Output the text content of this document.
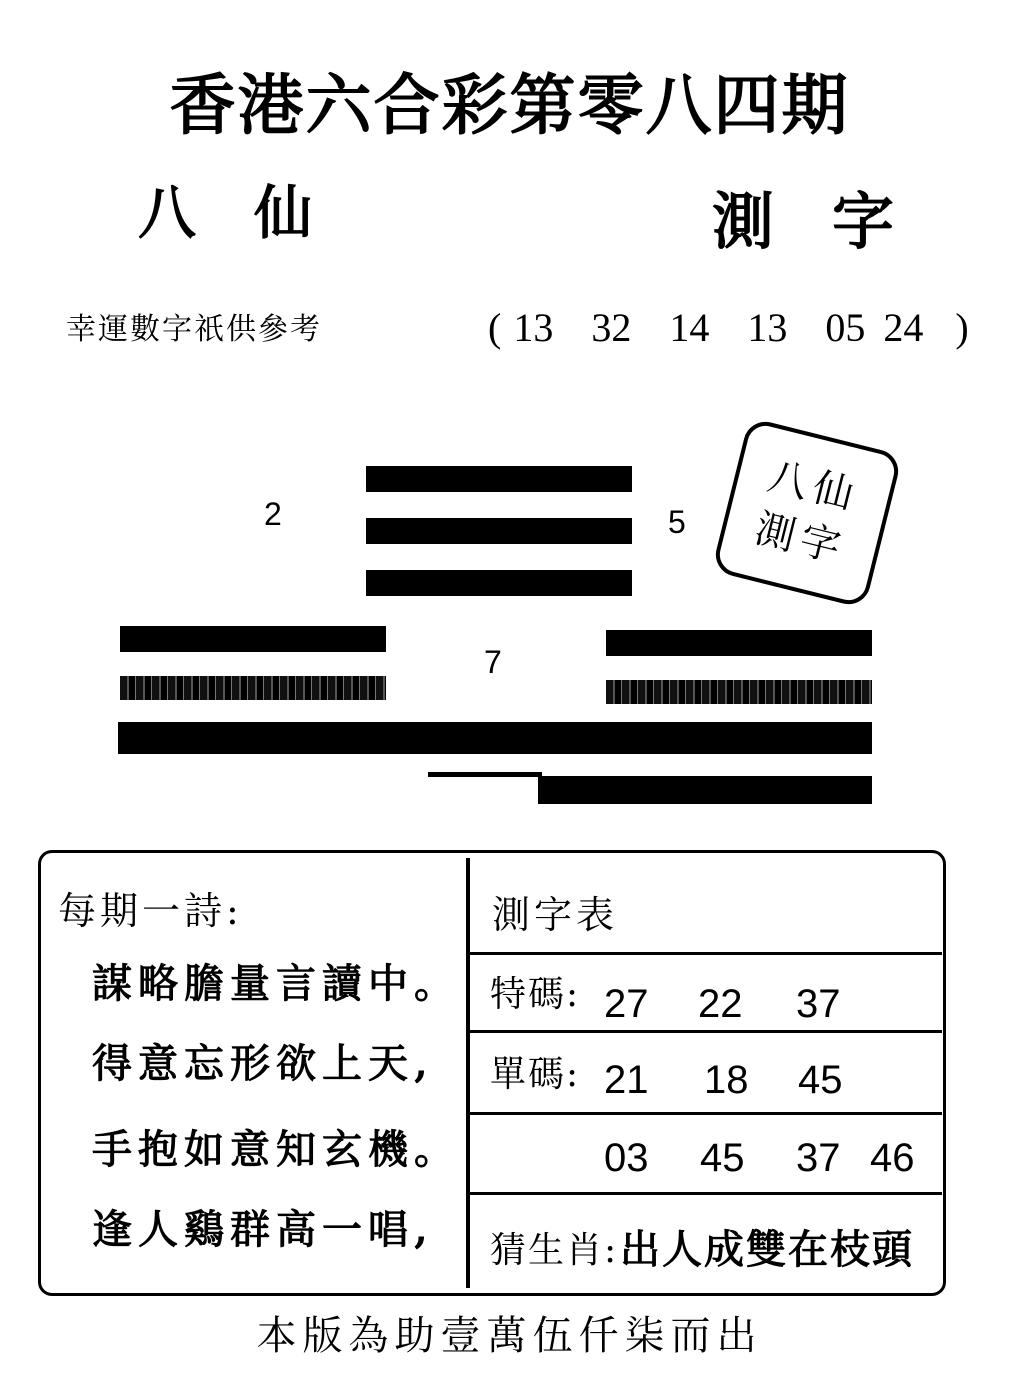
香港六合彩第零八四期
八仙	測字
幸運數字祇供參考	( 13 32 14 13 05 24 )
2	5
7
八仙
測字
每期一詩:
謀略膽量言讀中。
得意忘形欲上天,
手抱如意知玄機。
逢人鷄群高一唱,
測字表
特碼: 27 22 37
單碼: 21 18 45
03 45 37 46
猜生肖: 出人成雙在枝頭
本版為助壹萬伍仟柒而出
